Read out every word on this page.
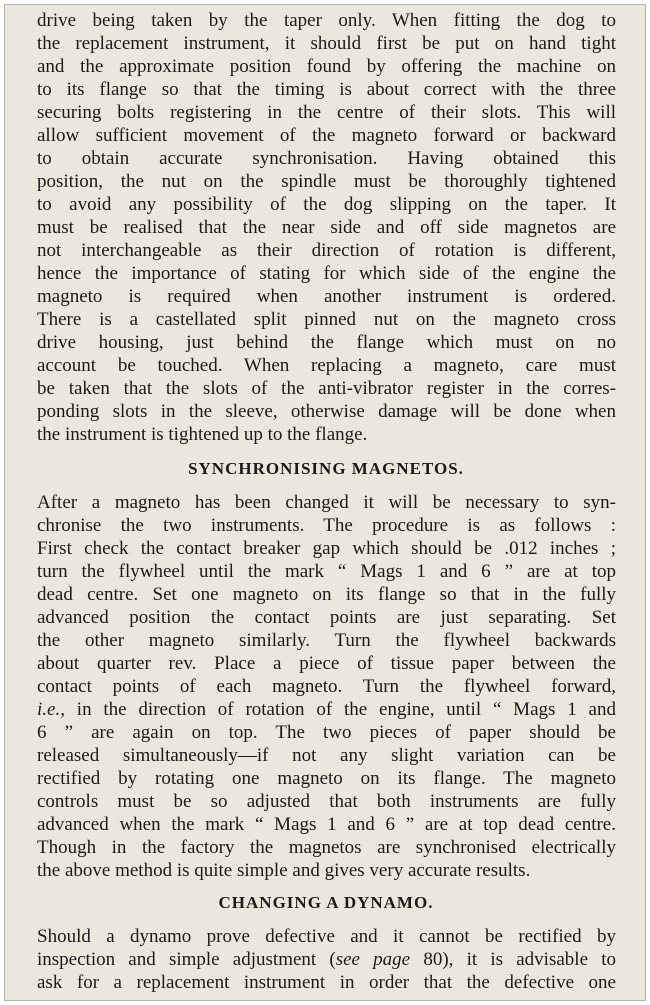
drive being taken by the taper only. When fitting the dog to
the replacement instrument, it should first be put on hand tight
and the approximate position found by offering the machine on
to its flange so that the timing is about correct with the three
securing bolts registering in the centre of their slots. This will
allow sufficient movement of the magneto forward or backward
to obtain accurate synchronisation. Having obtained this
position, the nut on the spindle must be thoroughly tightened
to avoid any possibility of the dog slipping on the taper. It
must be realised that the near side and off side magnetos are
not interchangeable as their direction of rotation is different,
hence the importance of stating for which side of the engine the
magneto is required when another instrument is ordered.
There is a castellated split pinned nut on the magneto cross
drive housing, just behind the flange which must on no
account be touched. When replacing a magneto, care must
be taken that the slots of the anti-vibrator register in the corres-
ponding slots in the sleeve, otherwise damage will be done when
the instrument is tightened up to the flange.
SYNCHRONISING MAGNETOS.
After a magneto has been changed it will be necessary to syn-
chronise the two instruments. The procedure is as follows :
First check the contact breaker gap which should be .012 inches ;
turn the flywheel until the mark “ Mags 1 and 6 ” are at top
dead centre. Set one magneto on its flange so that in the fully
advanced position the contact points are just separating. Set
the other magneto similarly. Turn the flywheel backwards
about quarter rev. Place a piece of tissue paper between the
contact points of each magneto. Turn the flywheel forward,
i.e., in the direction of rotation of the engine, until “ Mags 1 and
6 ” are again on top. The two pieces of paper should be
released simultaneously—if not any slight variation can be
rectified by rotating one magneto on its flange. The magneto
controls must be so adjusted that both instruments are fully
advanced when the mark “ Mags 1 and 6 ” are at top dead centre.
Though in the factory the magnetos are synchronised electrically
the above method is quite simple and gives very accurate results.
CHANGING A DYNAMO.
Should a dynamo prove defective and it cannot be rectified by
inspection and simple adjustment (see page 80), it is advisable to
ask for a replacement instrument in order that the defective one
